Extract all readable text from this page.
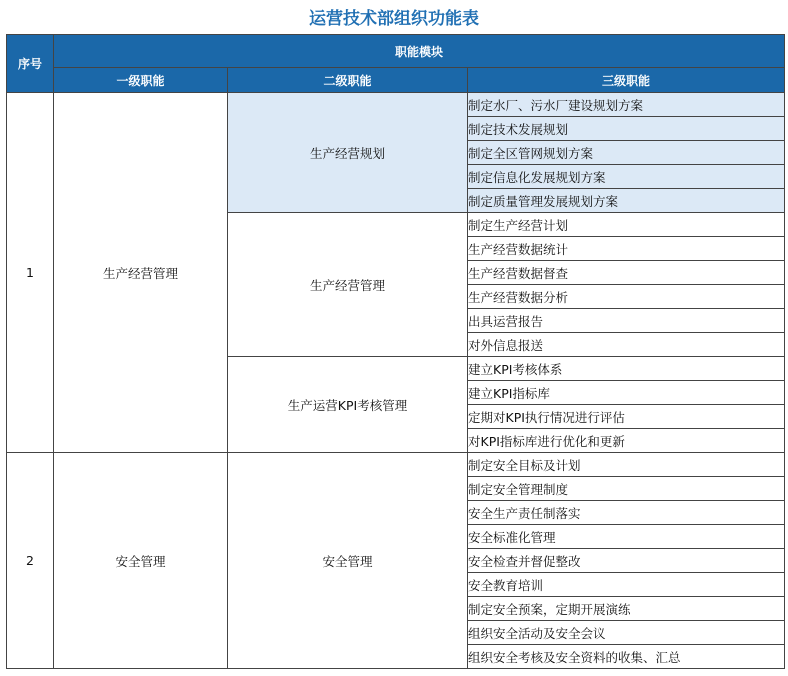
运营技术部组织功能表
序号	职能模块		
	一级职能	二级职能	三级职能
1	生产经营管理	生产经营规划	制定水厂、污水厂建设规划方案
			制定技术发展规划
			制定全区管网规划方案
			制定信息化发展规划方案
			制定质量管理发展规划方案
		生产经营管理	制定生产经营计划
			生产经营数据统计
			生产经营数据督查
			生产经营数据分析
			出具运营报告
			对外信息报送
		生产运营KPI考核管理	建立KPI考核体系
			建立KPI指标库
			定期对KPI执行情况进行评估
			对KPI指标库进行优化和更新
2	安全管理	安全管理	制定安全目标及计划
			制定安全管理制度
			安全生产责任制落实
			安全标准化管理
			安全检查并督促整改
			安全教育培训
			制定安全预案，定期开展演练
			组织安全活动及安全会议
			组织安全考核及安全资料的收集、汇总
